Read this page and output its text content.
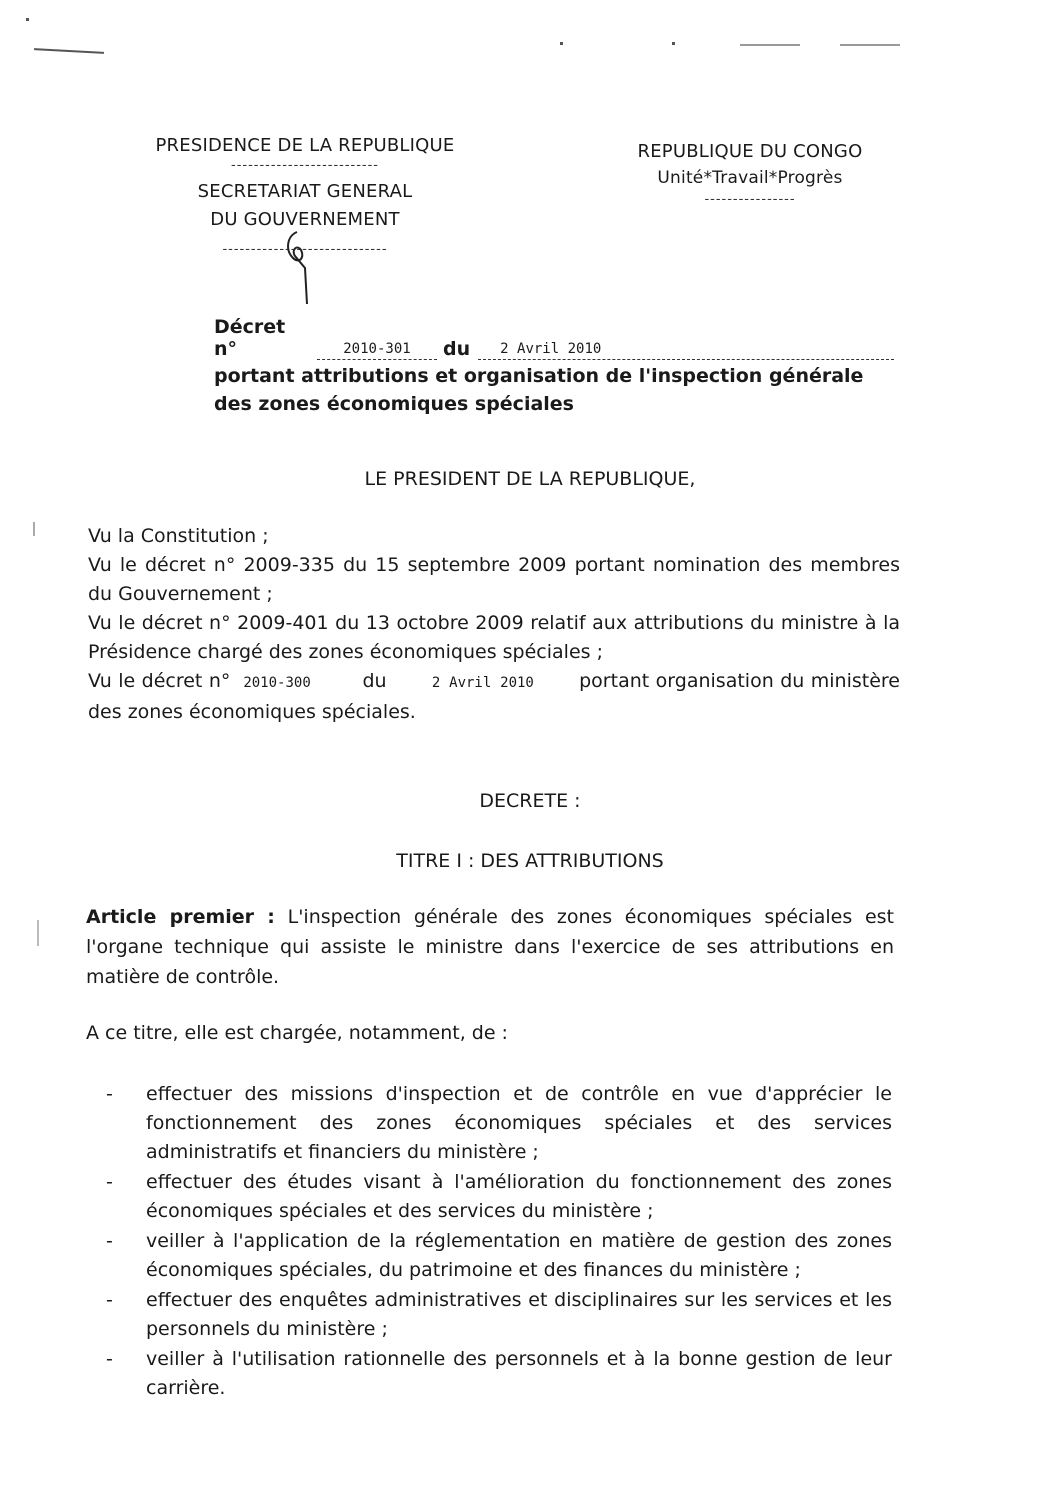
PRESIDENCE DE LA REPUBLIQUE
--------------------------
SECRETARIAT GENERAL
DU GOUVERNEMENT
-----------------------------
REPUBLIQUE DU CONGO
Unité*Travail*Progrès
----------------
Décret n°	2010-301	du	2 Avril 2010
portant attributions et organisation de l'inspection générale des zones économiques spéciales
LE PRESIDENT DE LA REPUBLIQUE,

Vu la Constitution ;

Vu le décret n° 2009-335 du 15 septembre 2009 portant nomination des membres du Gouvernement ;

Vu le décret n° 2009-401 du 13 octobre 2009 relatif aux attributions du ministre à la Présidence chargé des zones économiques spéciales ;

Vu le décret n° 2010-300	du	2 Avril 2010 portant organisation du ministère des zones économiques spéciales.

DECRETE :
TITRE I : DES ATTRIBUTIONS

Article premier : L'inspection générale des zones économiques spéciales est l'organe technique qui assiste le ministre dans l'exercice de ses attributions en matière de contrôle.

A ce titre, elle est chargée, notamment, de :
-	effectuer des missions d'inspection et de contrôle en vue d'apprécier le fonctionnement des zones économiques spéciales et des services administratifs et financiers du ministère ;
-	effectuer des études visant à l'amélioration du fonctionnement des zones économiques spéciales et des services du ministère ;
-	veiller à l'application de la réglementation en matière de gestion des zones économiques spéciales, du patrimoine et des finances du ministère ;
-	effectuer des enquêtes administratives et disciplinaires sur les services et les personnels du ministère ;
-	veiller à l'utilisation rationnelle des personnels et à la bonne gestion de leur carrière.
